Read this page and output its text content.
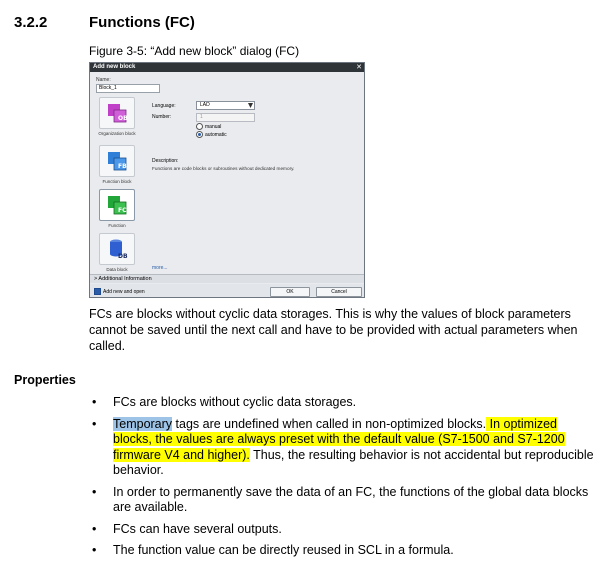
3.2.2	Functions (FC)
Figure 3-5: “Add new block” dialog (FC)
Add new block	✕
Name:
Block_1
OB
Organization block
FB
Function block
FC
Function
DB
Data block
Language:	LAD
Number:	1
manual
automatic
Description:
Functions are code blocks or subroutines without dedicated memory.
more...
> Additional Information
Add new and open	OK	Cancel
FCs are blocks without cyclic data storages. This is why the values of block parameters cannot be saved until the next call and have to be provided with actual parameters when called.
Properties
• FCs are blocks without cyclic data storages.
• Temporary tags are undefined when called in non-optimized blocks. In optimized blocks, the values are always preset with the default value (S7-1500 and S7-1200 firmware V4 and higher). Thus, the resulting behavior is not accidental but reproducible behavior.
• In order to permanently save the data of an FC, the functions of the global data blocks are available.
• FCs can have several outputs.
• The function value can be directly reused in SCL in a formula.
